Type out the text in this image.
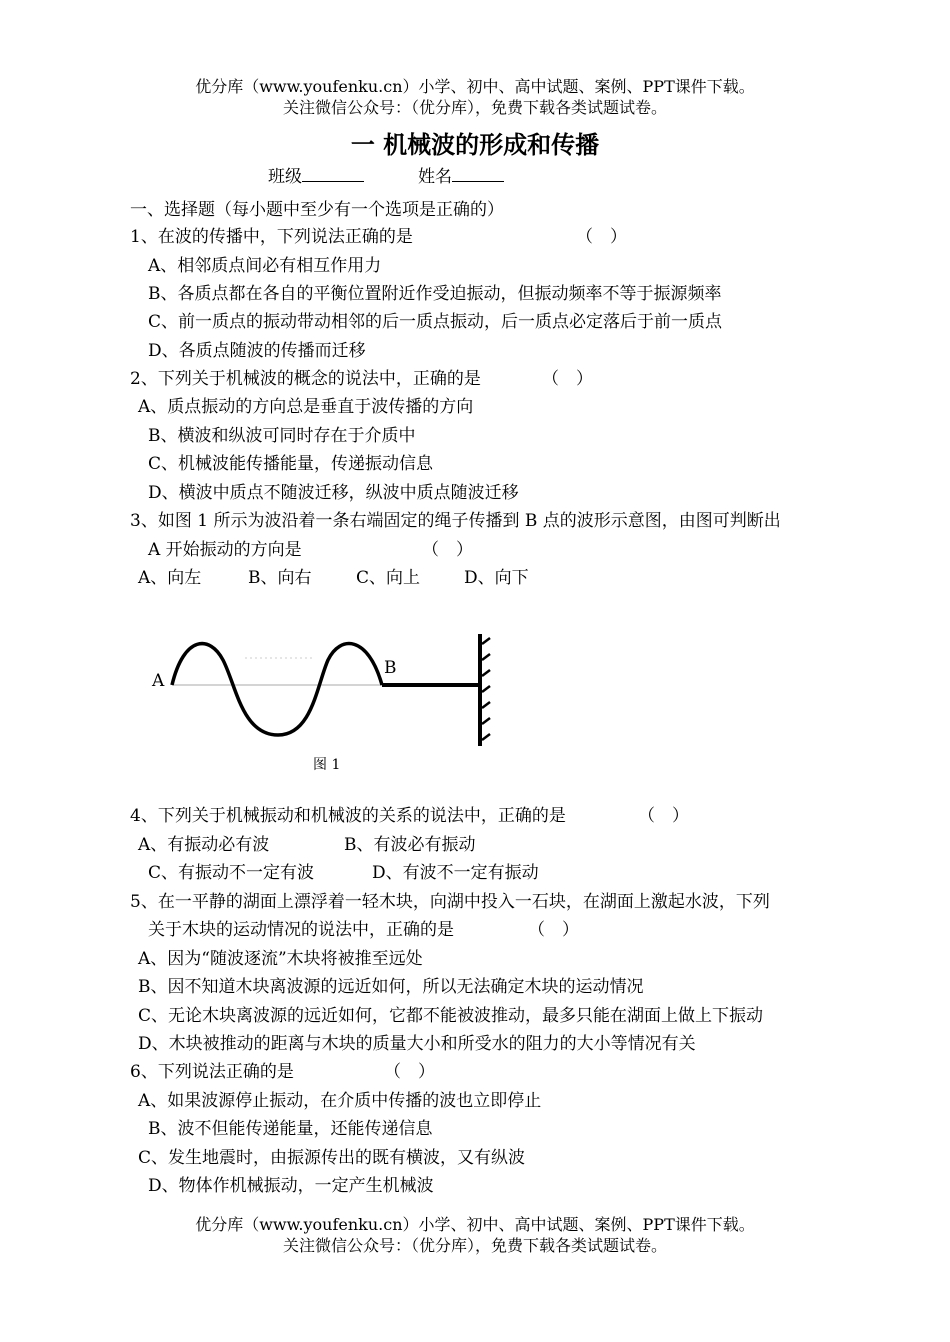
优分库（www.youfenku.cn）小学、初中、高中试题、案例、PPT课件下载。
关注微信公众号：（优分库），免费下载各类试题试卷。
一 机械波的形成和传播
班级	姓名
一、选择题（每小题中至少有一个选项是正确的）
1、在波的传播中，下列说法正确的是	（　）
A、相邻质点间必有相互作用力
B、各质点都在各自的平衡位置附近作受迫振动，但振动频率不等于振源频率
C、前一质点的振动带动相邻的后一质点振动，后一质点必定落后于前一质点
D、各质点随波的传播而迁移
2、下列关于机械波的概念的说法中，正确的是	（　）
A、质点振动的方向总是垂直于波传播的方向
B、横波和纵波可同时存在于介质中
C、机械波能传播能量，传递振动信息
D、横波中质点不随波迁移，纵波中质点随波迁移
3、如图 1 所示为波沿着一条右端固定的绳子传播到 B 点的波形示意图，由图可判断出
A 开始振动的方向是	（　）
A、向左	B、向右	C、向上	D、向下
A
B
图 1
4、下列关于机械振动和机械波的关系的说法中，正确的是	（　）
A、有振动必有波	B、有波必有振动
C、有振动不一定有波	D、有波不一定有振动
5、在一平静的湖面上漂浮着一轻木块，向湖中投入一石块，在湖面上激起水波，下列
关于木块的运动情况的说法中，正确的是	（　）
A、因为“随波逐流”木块将被推至远处
B、因不知道木块离波源的远近如何，所以无法确定木块的运动情况
C、无论木块离波源的远近如何，它都不能被波推动，最多只能在湖面上做上下振动
D、木块被推动的距离与木块的质量大小和所受水的阻力的大小等情况有关
6、下列说法正确的是	（　）
A、如果波源停止振动，在介质中传播的波也立即停止
B、波不但能传递能量，还能传递信息
C、发生地震时，由振源传出的既有横波，又有纵波
D、物体作机械振动，一定产生机械波
优分库（www.youfenku.cn）小学、初中、高中试题、案例、PPT课件下载。
关注微信公众号：（优分库），免费下载各类试题试卷。
